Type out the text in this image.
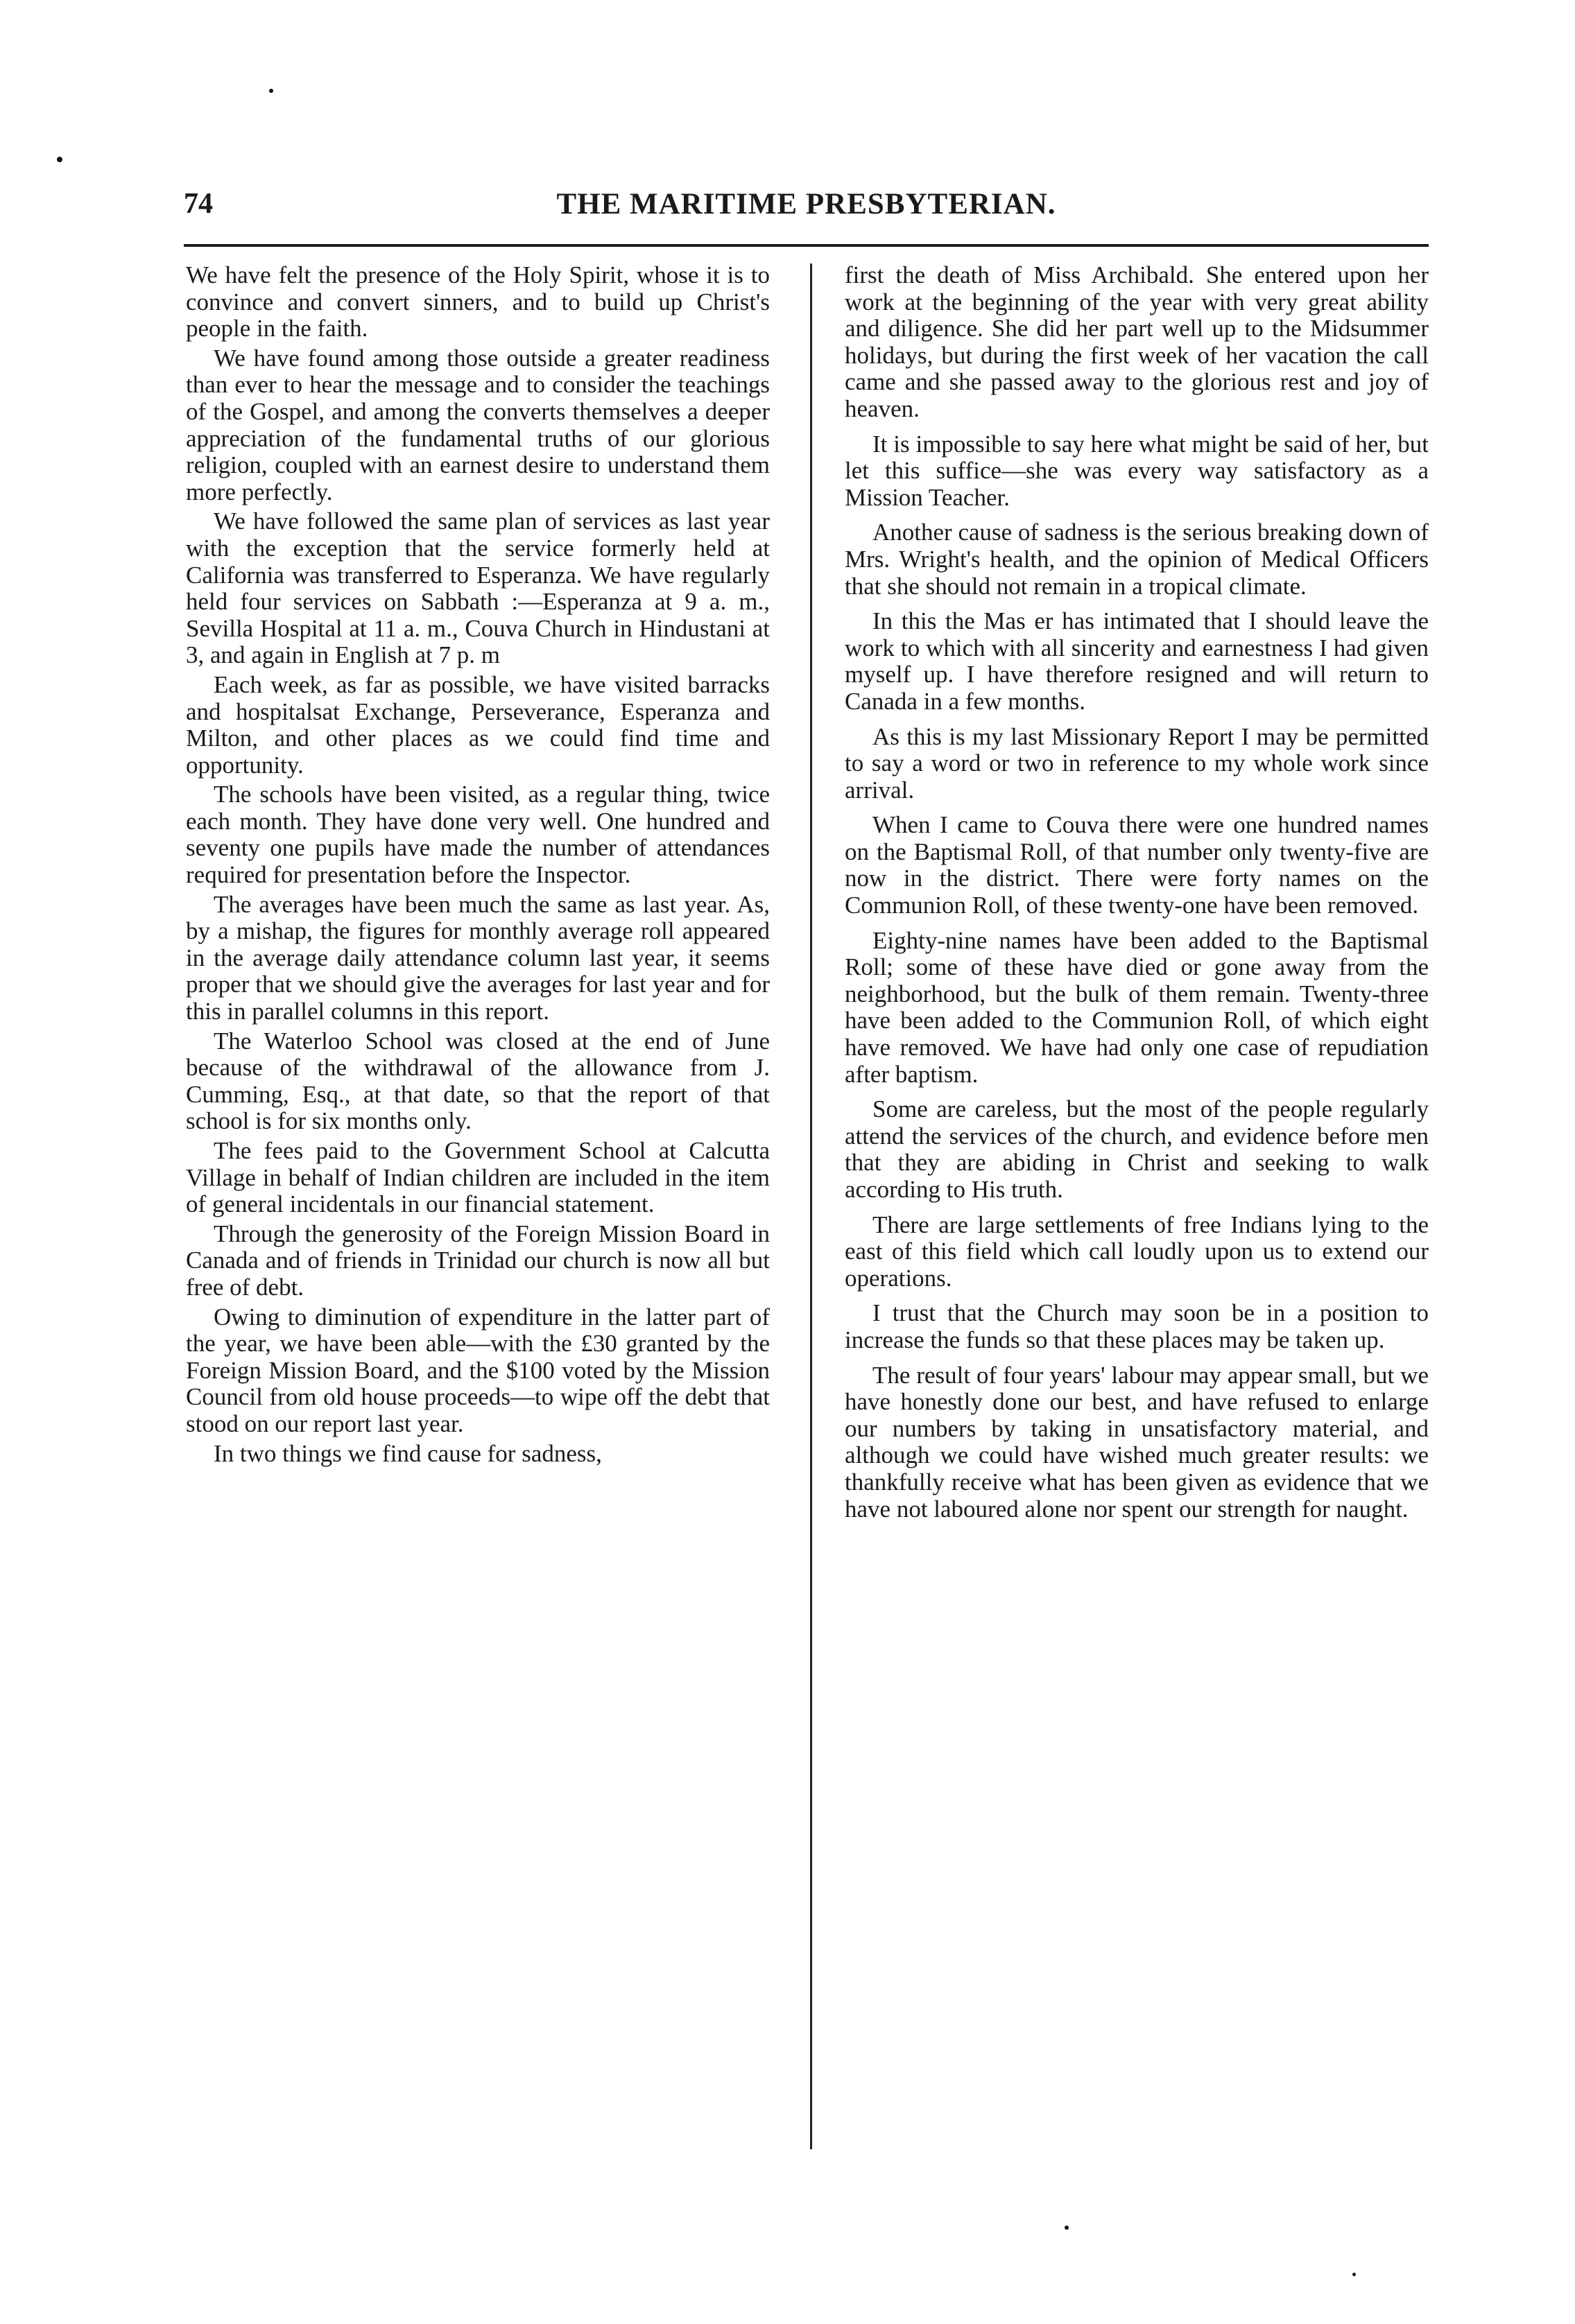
74	THE MARITIME PRESBYTERIAN.

We have felt the presence of the Holy Spirit, whose it is to convince and convert sinners, and to build up Christ's people in the faith.

We have found among those outside a greater readiness than ever to hear the message and to consider the teachings of the Gospel, and among the converts themselves a deeper appreciation of the fundamental truths of our glorious religion, coupled with an earnest desire to understand them more perfectly.

We have followed the same plan of services as last year with the exception that the service formerly held at California was transferred to Esperanza. We have regularly held four services on Sabbath :—Esperanza at 9 a. m., Sevilla Hospital at 11 a. m., Couva Church in Hindustani at 3, and again in English at 7 p. m

Each week, as far as possible, we have visited barracks and hospitalsat Exchange, Perseverance, Esperanza and Milton, and other places as we could find time and opportunity.

The schools have been visited, as a regular thing, twice each month. They have done very well. One hundred and seventy one pupils have made the number of attendances required for presentation before the Inspector.

The averages have been much the same as last year. As, by a mishap, the figures for monthly average roll appeared in the average daily attendance column last year, it seems proper that we should give the averages for last year and for this in parallel columns in this report.

The Waterloo School was closed at the end of June because of the withdrawal of the allowance from J. Cumming, Esq., at that date, so that the report of that school is for six months only.

The fees paid to the Government School at Calcutta Village in behalf of Indian children are included in the item of general incidentals in our financial statement.

Through the generosity of the Foreign Mission Board in Canada and of friends in Trinidad our church is now all but free of debt.

Owing to diminution of expenditure in the latter part of the year, we have been able—with the £30 granted by the Foreign Mission Board, and the $100 voted by the Mission Council from old house proceeds—to wipe off the debt that stood on our report last year.

In two things we find cause for sadness,

first the death of Miss Archibald. She entered upon her work at the beginning of the year with very great ability and diligence. She did her part well up to the Midsummer holidays, but during the first week of her vacation the call came and she passed away to the glorious rest and joy of heaven.

It is impossible to say here what might be said of her, but let this suffice—she was every way satisfactory as a Mission Teacher.

Another cause of sadness is the serious breaking down of Mrs. Wright's health, and the opinion of Medical Officers that she should not remain in a tropical climate.

In this the Mas er has intimated that I should leave the work to which with all sincerity and earnestness I had given myself up. I have therefore resigned and will return to Canada in a few months.

As this is my last Missionary Report I may be permitted to say a word or two in reference to my whole work since arrival.

When I came to Couva there were one hundred names on the Baptismal Roll, of that number only twenty-five are now in the district. There were forty names on the Communion Roll, of these twenty-one have been removed.

Eighty-nine names have been added to the Baptismal Roll; some of these have died or gone away from the neighborhood, but the bulk of them remain. Twenty-three have been added to the Communion Roll, of which eight have removed. We have had only one case of repudiation after baptism.

Some are careless, but the most of the people regularly attend the services of the church, and evidence before men that they are abiding in Christ and seeking to walk according to His truth.

There are large settlements of free Indians lying to the east of this field which call loudly upon us to extend our operations.

I trust that the Church may soon be in a position to increase the funds so that these places may be taken up.

The result of four years' labour may appear small, but we have honestly done our best, and have refused to enlarge our numbers by taking in unsatisfactory material, and although we could have wished much greater results: we thankfully receive what has been given as evidence that we have not laboured alone nor spent our strength for naught.
